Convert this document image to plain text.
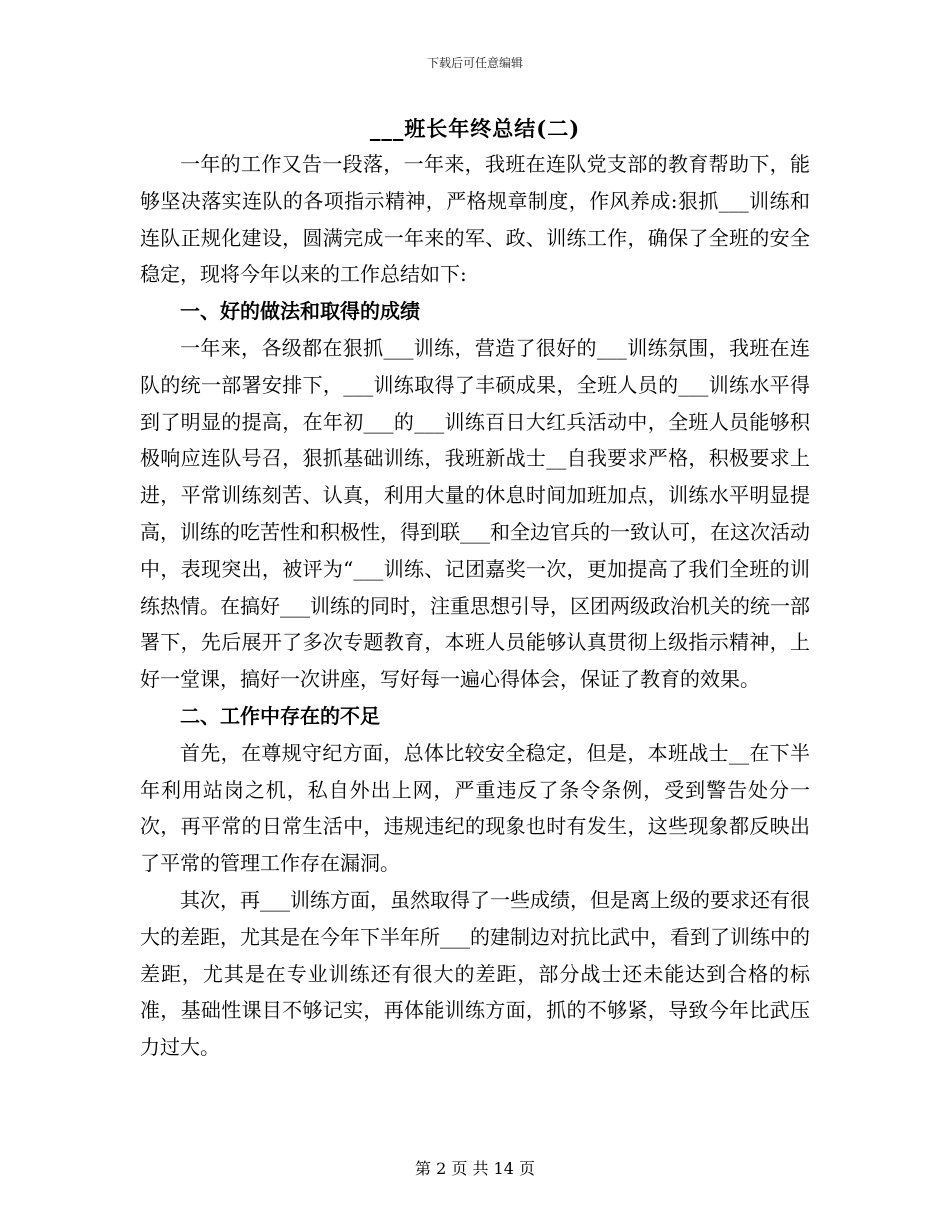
下载后可任意编辑
___班长年终总结(二)

一年的工作又告一段落，一年来，我班在连队党支部的教育帮助下，能够坚决落实连队的各项指示精神，严格规章制度，作风养成:狠抓___训练和连队正规化建设，圆满完成一年来的军、政、训练工作，确保了全班的安全稳定，现将今年以来的工作总结如下:

一、好的做法和取得的成绩

一年来，各级都在狠抓___训练，营造了很好的___训练氛围，我班在连队的统一部署安排下，___训练取得了丰硕成果，全班人员的___训练水平得到了明显的提高，在年初___的___训练百日大红兵活动中，全班人员能够积极响应连队号召，狠抓基础训练，我班新战士__自我要求严格，积极要求上进，平常训练刻苦、认真，利用大量的休息时间加班加点，训练水平明显提高，训练的吃苦性和积极性，得到联___和全边官兵的一致认可，在这次活动中，表现突出，被评为“___训练、记团嘉奖一次，更加提高了我们全班的训练热情。在搞好___训练的同时，注重思想引导，区团两级政治机关的统一部署下，先后展开了多次专题教育，本班人员能够认真贯彻上级指示精神，上好一堂课，搞好一次讲座，写好每一遍心得体会，保证了教育的效果。

二、工作中存在的不足

首先，在尊规守纪方面，总体比较安全稳定，但是，本班战士__在下半年利用站岗之机，私自外出上网，严重违反了条令条例，受到警告处分一次，再平常的日常生活中，违规违纪的现象也时有发生，这些现象都反映出了平常的管理工作存在漏洞。

其次，再___训练方面，虽然取得了一些成绩，但是离上级的要求还有很大的差距，尤其是在今年下半年所___的建制边对抗比武中，看到了训练中的差距，尤其是在专业训练还有很大的差距，部分战士还未能达到合格的标准，基础性课目不够记实，再体能训练方面，抓的不够紧，导致今年比武压力过大。

第 2 页 共 14 页
